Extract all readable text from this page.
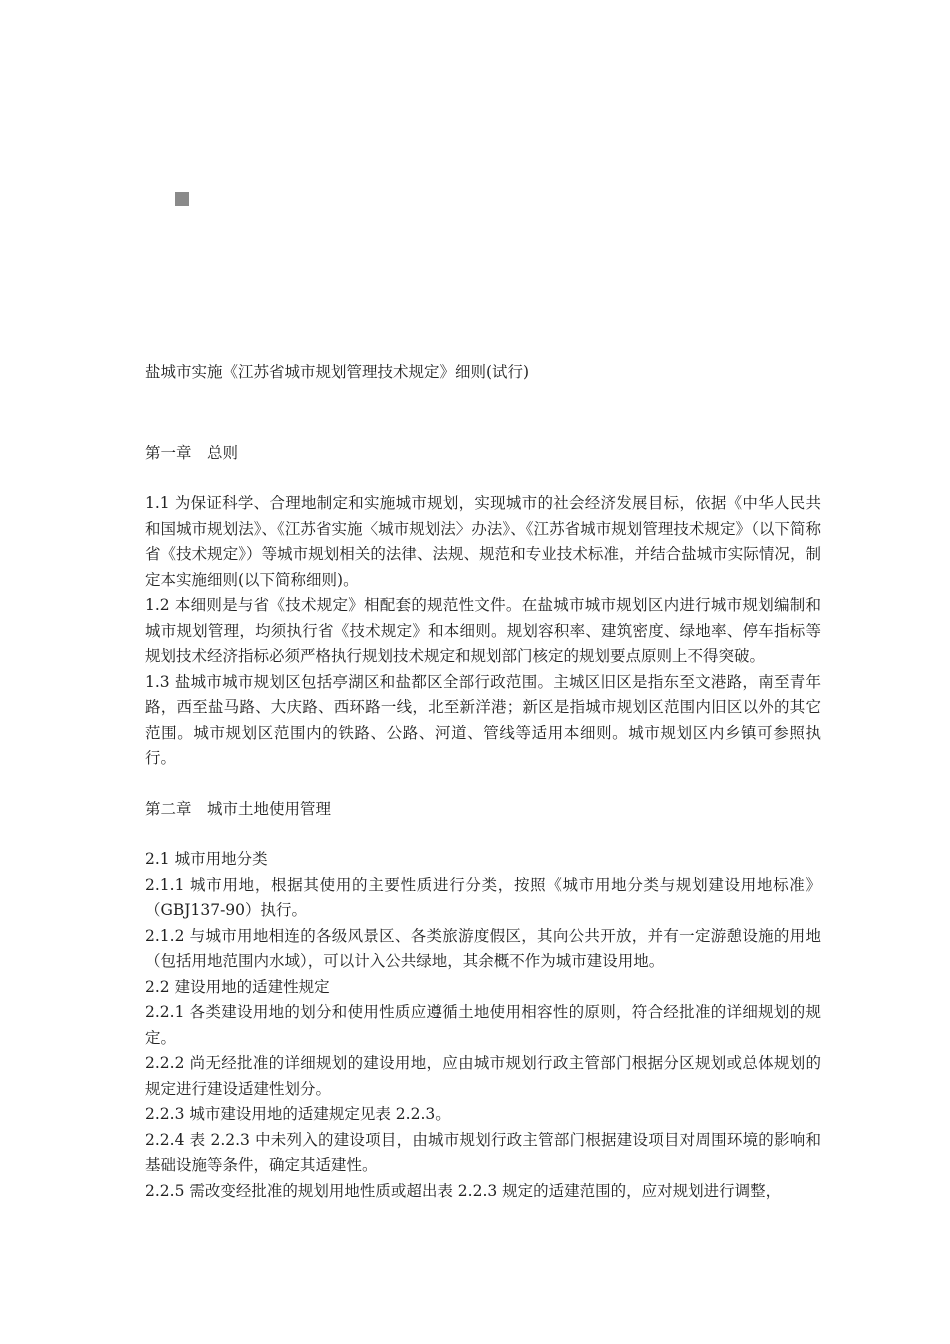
盐城市实施《江苏省城市规划管理技术规定》细则(试行)

第一章　总则

1.1 为保证科学、合理地制定和实施城市规划，实现城市的社会经济发展目标，依据《中华人民共和国城市规划法》、《江苏省实施〈城市规划法〉办法》、《江苏省城市规划管理技术规定》（以下简称省《技术规定》）等城市规划相关的法律、法规、规范和专业技术标准，并结合盐城市实际情况，制定本实施细则(以下简称细则)。

1.2 本细则是与省《技术规定》相配套的规范性文件。在盐城市城市规划区内进行城市规划编制和城市规划管理，均须执行省《技术规定》和本细则。规划容积率、建筑密度、绿地率、停车指标等规划技术经济指标必须严格执行规划技术规定和规划部门核定的规划要点原则上不得突破。

1.3 盐城市城市规划区包括亭湖区和盐都区全部行政范围。主城区旧区是指东至文港路，南至青年路，西至盐马路、大庆路、西环路一线，北至新洋港；新区是指城市规划区范围内旧区以外的其它范围。城市规划区范围内的铁路、公路、河道、管线等适用本细则。城市规划区内乡镇可参照执行。

第二章　城市土地使用管理

2.1 城市用地分类

2.1.1 城市用地，根据其使用的主要性质进行分类，按照《城市用地分类与规划建设用地标准》（GBJ137-90）执行。

2.1.2 与城市用地相连的各级风景区、各类旅游度假区，其向公共开放，并有一定游憩设施的用地（包括用地范围内水域），可以计入公共绿地，其余概不作为城市建设用地。

2.2 建设用地的适建性规定

2.2.1 各类建设用地的划分和使用性质应遵循土地使用相容性的原则，符合经批准的详细规划的规定。

2.2.2 尚无经批准的详细规划的建设用地，应由城市规划行政主管部门根据分区规划或总体规划的规定进行建设适建性划分。

2.2.3 城市建设用地的适建规定见表 2.2.3。

2.2.4 表 2.2.3 中未列入的建设项目，由城市规划行政主管部门根据建设项目对周围环境的影响和基础设施等条件，确定其适建性。

2.2.5 需改变经批准的规划用地性质或超出表 2.2.3 规定的适建范围的，应对规划进行调整，
